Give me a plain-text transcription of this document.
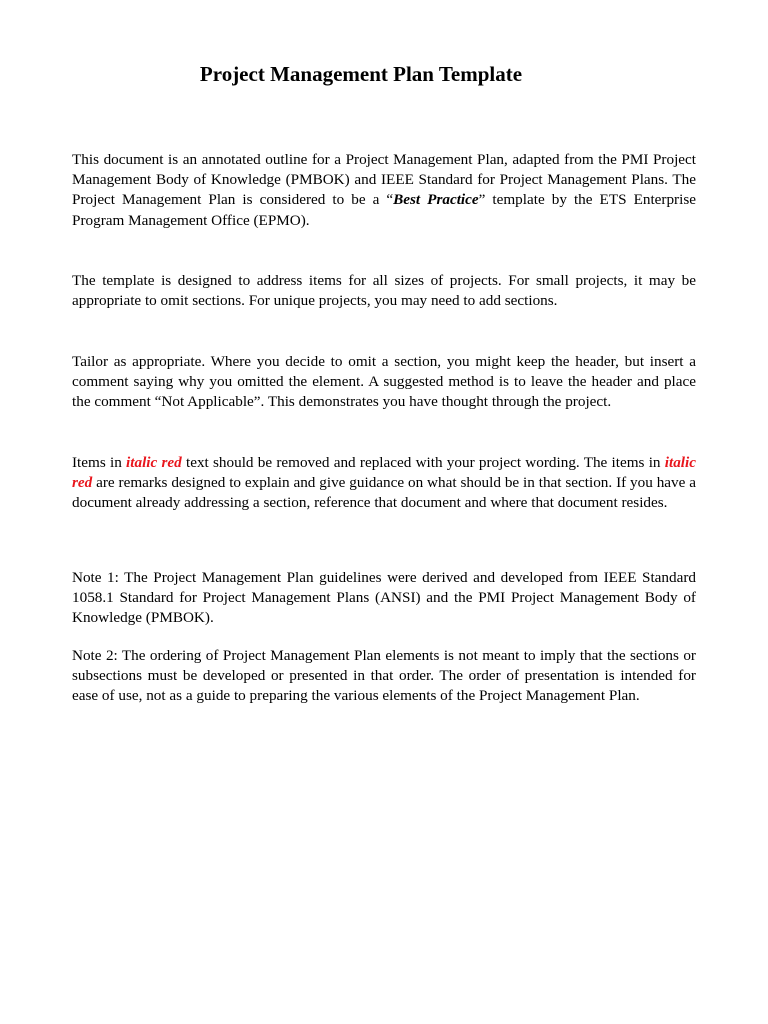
Project Management Plan Template

This document is an annotated outline for a Project Management Plan, adapted from the PMI Project Management Body of Knowledge (PMBOK) and IEEE Standard for Project Management Plans. The Project Management Plan is considered to be a “Best Practice” template by the ETS Enterprise Program Management Office (EPMO).

The template is designed to address items for all sizes of projects. For small projects, it may be appropriate to omit sections. For unique projects, you may need to add sections.

Tailor as appropriate. Where you decide to omit a section, you might keep the header, but insert a comment saying why you omitted the element. A suggested method is to leave the header and place the comment “Not Applicable”. This demonstrates you have thought through the project.

Items in italic red text should be removed and replaced with your project wording. The items in italic red are remarks designed to explain and give guidance on what should be in that section. If you have a document already addressing a section, reference that document and where that document resides.

Note 1: The Project Management Plan guidelines were derived and developed from IEEE Standard 1058.1 Standard for Project Management Plans (ANSI) and the PMI Project Management Body of Knowledge (PMBOK).

Note 2: The ordering of Project Management Plan elements is not meant to imply that the sections or subsections must be developed or presented in that order. The order of presentation is intended for ease of use, not as a guide to preparing the various elements of the Project Management Plan.
